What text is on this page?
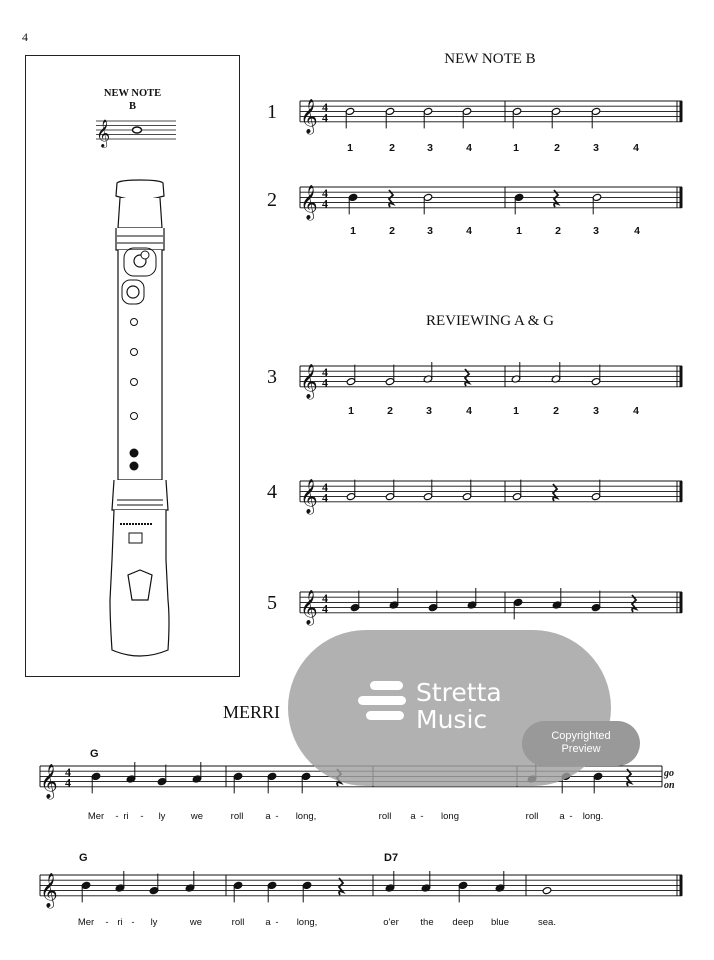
4
NEW NOTE
B
NEW NOTE B
REVIEWING A & G
MERRI
1
2
3
4
5
1	2	3	4	1	2	3	4
1	2	3	4	1	2	3	4
1	2	3	4	1	2	3	4
G
G	D7
Mer	- ri	-	ly	we	roll	a -	long,	roll	a -	long	roll	a -	long.
Mer	- ri -	ly	we	roll	a -	long,	o'er	the	deep	blue	sea.
𝄞	𝄞 4
4
𝄞 4
4
𝄞 4
4
𝄞 4
4
𝄞 4
4
𝄞 4
4
𝄞
Stretta
Music
Copyrighted
Preview
go
on
